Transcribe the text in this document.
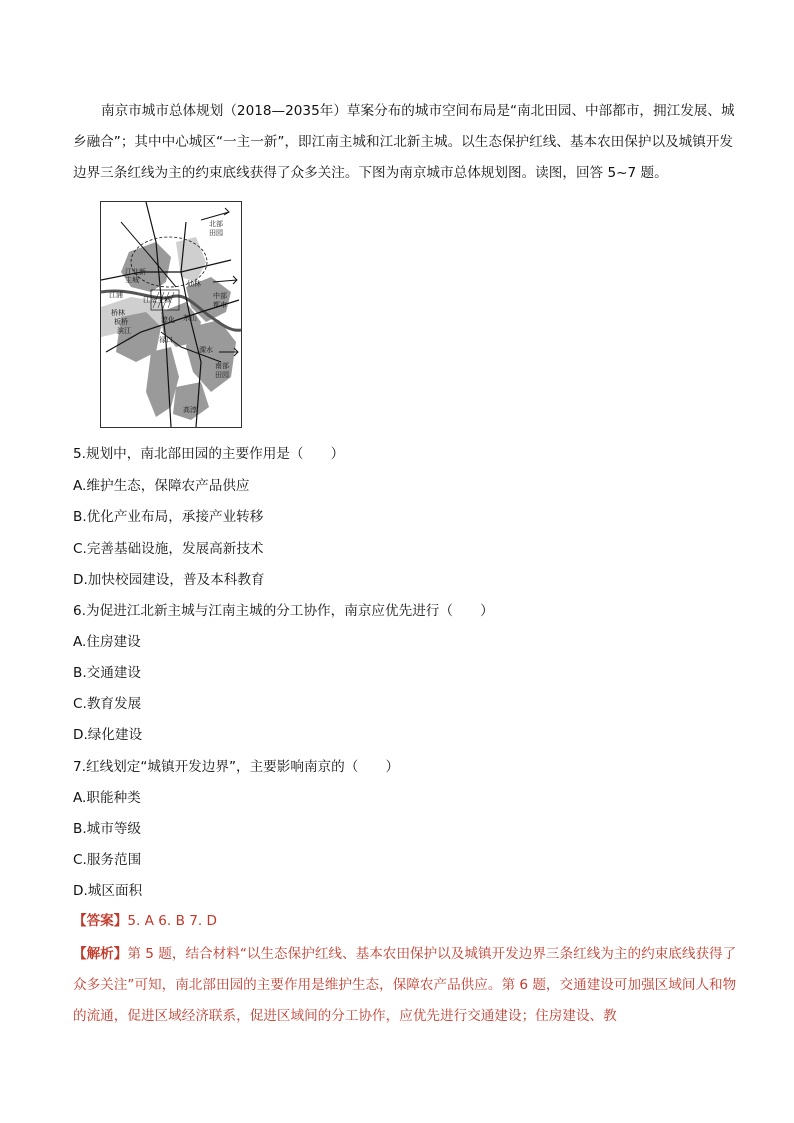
南京市城市总体规划（2018—2035年）草案分布的城市空间布局是“南北田园、中部都市，拥江发展、城乡融合”；其中中心城区“一主一新”，即江南主城和江北新主城。以生态保护红线、基本农田保护以及城镇开发边界三条红线为主的约束底线获得了众多关注。下图为南京城市总体规划图。读图，回答 5~7 题。

北部
田园
中部
都市
南部
田园
江北新
主城
江南主城
桥林
板桥
滨江
淳化 东山
仙林
禄口
溧水
高淳
江浦

5.规划中，南北部田园的主要作用是（　　）

A.维护生态，保障农产品供应

B.优化产业布局，承接产业转移

C.完善基础设施，发展高新技术

D.加快校园建设，普及本科教育

6.为促进江北新主城与江南主城的分工协作，南京应优先进行（　　）

A.住房建设

B.交通建设

C.教育发展

D.绿化建设

7.红线划定“城镇开发边界”，主要影响南京的（　　）

A.职能种类

B.城市等级

C.服务范围

D.城区面积

【答案】5. A 6. B 7. D

【解析】第 5 题，结合材料“以生态保护红线、基本农田保护以及城镇开发边界三条红线为主的约束底线获得了众多关注”可知，南北部田园的主要作用是维护生态，保障农产品供应。第 6 题，交通建设可加强区域间人和物的流通，促进区域经济联系，促进区域间的分工协作，应优先进行交通建设；住房建设、教
